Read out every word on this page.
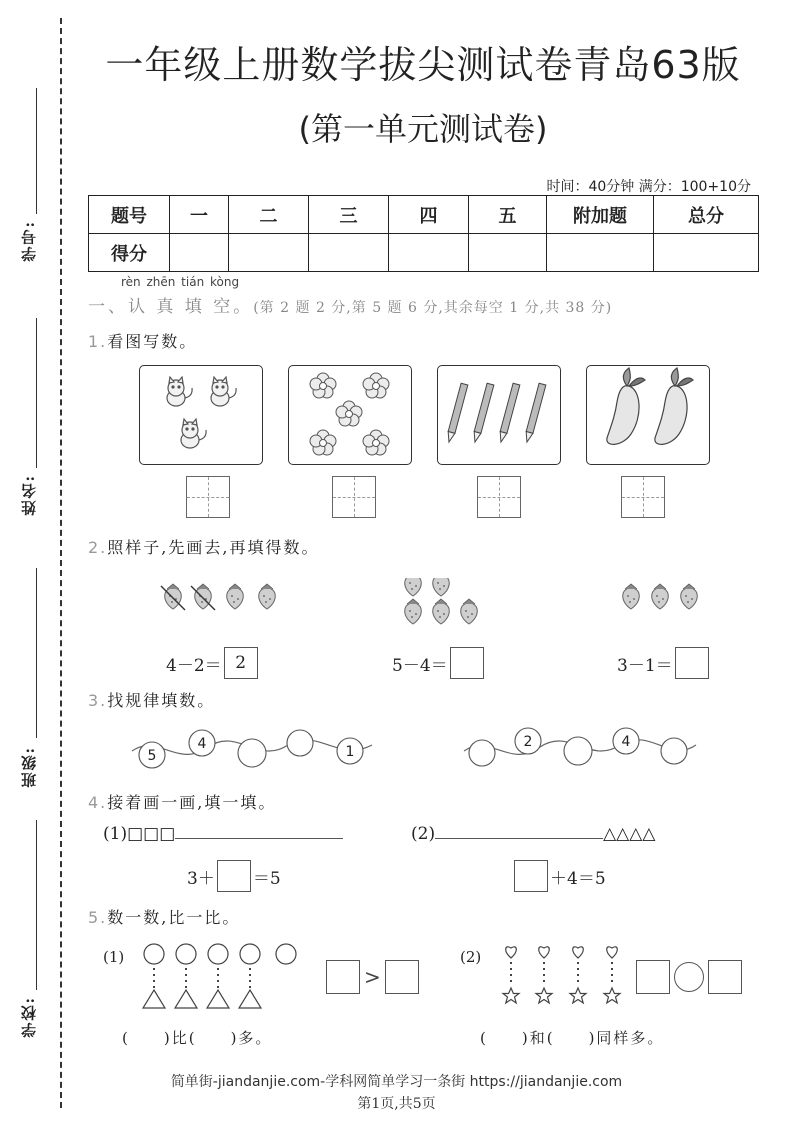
学号:
姓名:
班级:
学校:
一年级上册数学拔尖测试卷青岛63版
(第一单元测试卷)
时间：40分钟 满分：100+10分
题号	一	二	三	四	五	附加题	总分
得分							
rèn zhēn tián kòng
一、认 真 填 空。(第 2 题 2 分,第 5 题 6 分,其余每空 1 分,共 38 分)
1.看图写数。
2.照样子,先画去,再填得数。
4－2＝ 2	5－4＝	3－1＝
3.找规律填数。
5
4	1
2	4
4.接着画一画,填一填。
(1)□□□	(2)	△△△△
3＋ ＝5	＋4＝5
5.数一数,比一比。
(1)
>
(2)
( )比( )多。	( )和( )同样多。
简单街-jiandanjie.com-学科网简单学习一条街 https://jiandanjie.com
第1页,共5页
